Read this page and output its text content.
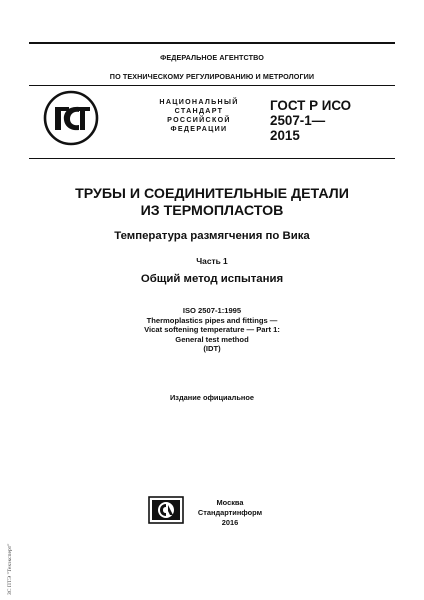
ФЕДЕРАЛЬНОЕ АГЕНТСТВО
ПО ТЕХНИЧЕСКОМУ РЕГУЛИРОВАНИЮ И МЕТРОЛОГИИ
НАЦИОНАЛЬНЫЙ
СТАНДАРТ
РОССИЙСКОЙ
ФЕДЕРАЦИИ
ГОСТ Р ИСО
2507-1—
2015
ТРУБЫ И СОЕДИНИТЕЛЬНЫЕ ДЕТАЛИ
ИЗ ТЕРМОПЛАСТОВ
Температура размягчения по Вика
Часть 1
Общий метод испытания
ISO 2507-1:1995
Thermoplastics pipes and fittings —
Vicat softening temperature — Part 1:
General test method
(IDT)
Издание официальное
Москва
Стандартинформ
2016
ЗС ПТЭ "Техэксперт"
